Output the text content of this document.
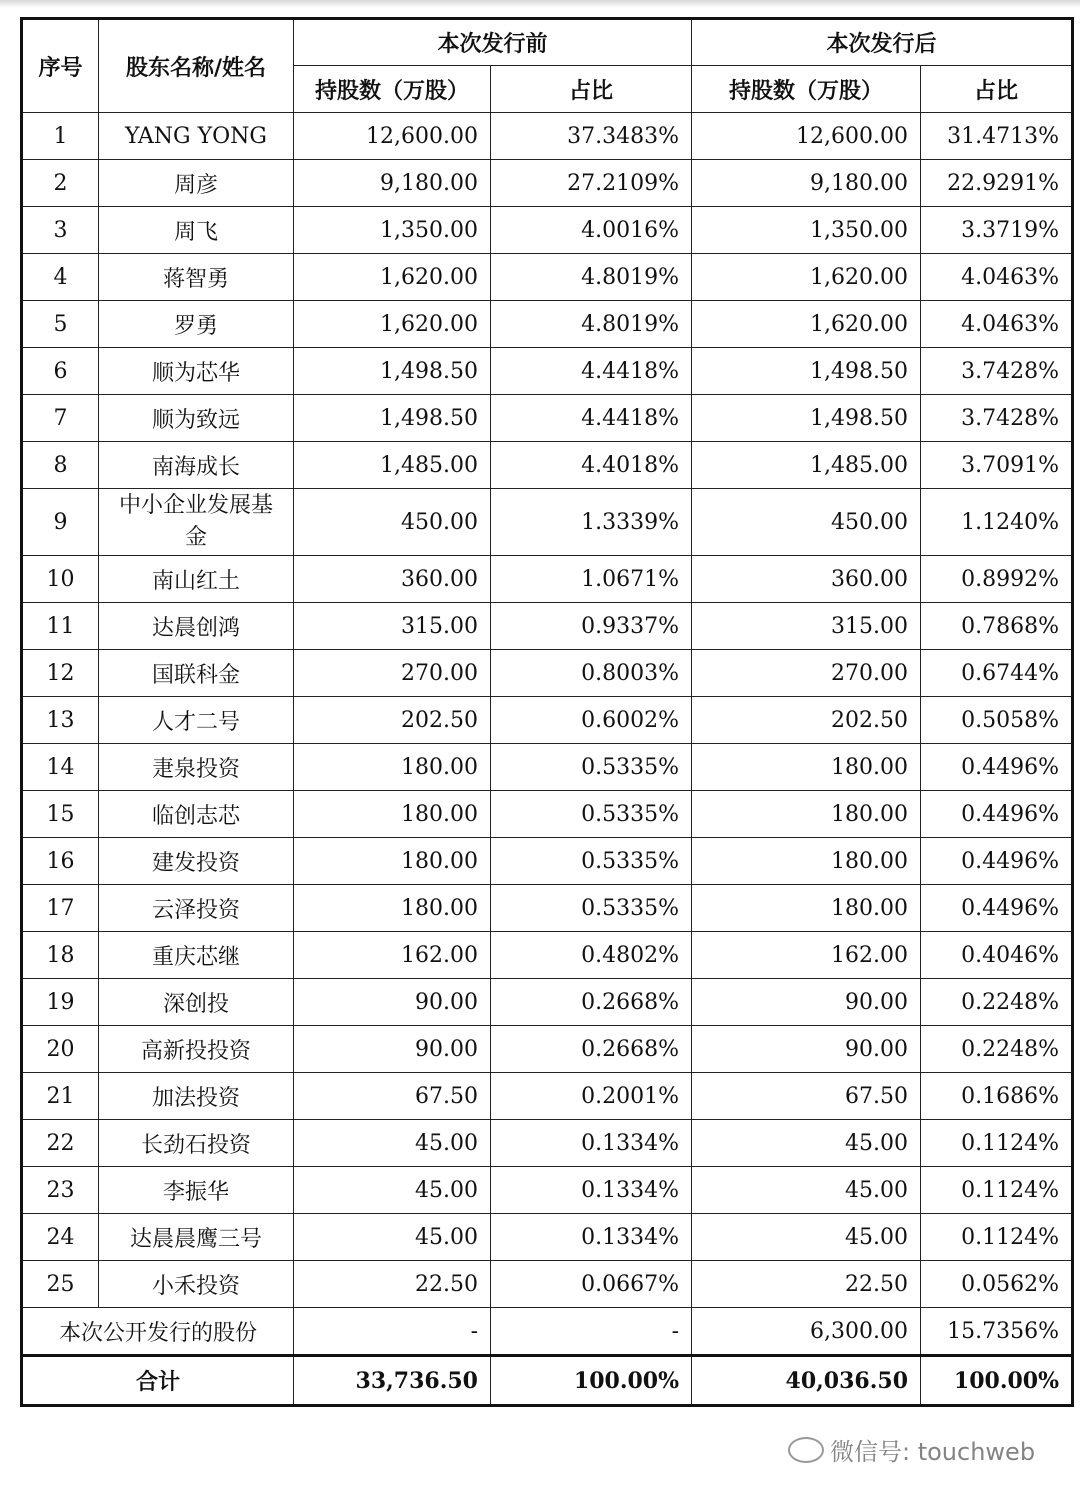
序号	股东名称/姓名	本次发行前		本次发行后	
		持股数（万股）	占比	持股数（万股）	占比
1	YANG YONG	12,600.00	37.3483%	12,600.00	31.4713%
2	周彦	9,180.00	27.2109%	9,180.00	22.9291%
3	周飞	1,350.00	4.0016%	1,350.00	3.3719%
4	蒋智勇	1,620.00	4.8019%	1,620.00	4.0463%
5	罗勇	1,620.00	4.8019%	1,620.00	4.0463%
6	顺为芯华	1,498.50	4.4418%	1,498.50	3.7428%
7	顺为致远	1,498.50	4.4418%	1,498.50	3.7428%
8	南海成长	1,485.00	4.4018%	1,485.00	3.7091%
9	中小企业发展基金	450.00	1.3339%	450.00	1.1240%
10	南山红土	360.00	1.0671%	360.00	0.8992%
11	达晨创鸿	315.00	0.9337%	315.00	0.7868%
12	国联科金	270.00	0.8003%	270.00	0.6744%
13	人才二号	202.50	0.6002%	202.50	0.5058%
14	疌泉投资	180.00	0.5335%	180.00	0.4496%
15	临创志芯	180.00	0.5335%	180.00	0.4496%
16	建发投资	180.00	0.5335%	180.00	0.4496%
17	云泽投资	180.00	0.5335%	180.00	0.4496%
18	重庆芯继	162.00	0.4802%	162.00	0.4046%
19	深创投	90.00	0.2668%	90.00	0.2248%
20	高新投投资	90.00	0.2668%	90.00	0.2248%
21	加法投资	67.50	0.2001%	67.50	0.1686%
22	长劲石投资	45.00	0.1334%	45.00	0.1124%
23	李振华	45.00	0.1334%	45.00	0.1124%
24	达晨晨鹰三号	45.00	0.1334%	45.00	0.1124%
25	小禾投资	22.50	0.0667%	22.50	0.0562%
本次公开发行的股份		-	-	6,300.00	15.7356%
合计		33,736.50	100.00%	40,036.50	100.00%
微信号: touchweb
